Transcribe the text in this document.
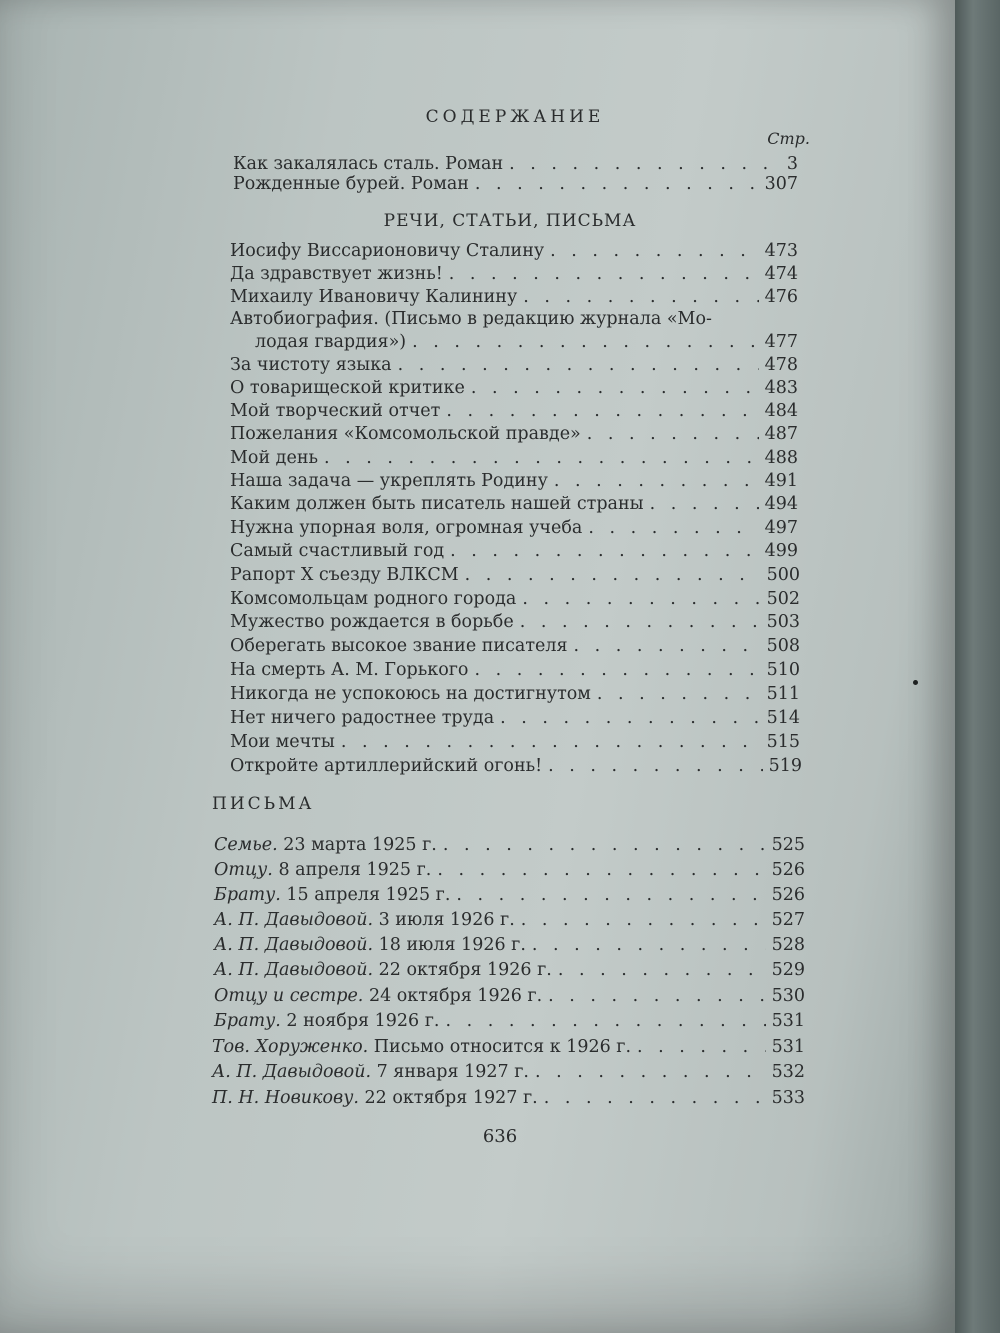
СОДЕРЖАНИЕ
Стр.
Как закалялась сталь. Роман . . .	3
Рожденные бурей. Роман . . .	307
РЕЧИ, СТАТЬИ, ПИСЬМА
Иосифу Виссарионовичу Сталину . . .	473
Да здравствует жизнь! . . .	474
Михаилу Ивановичу Калинину . . .	476
Автобиография. (Письмо в редакцию журнала «Мо-
лодая гвардия») . . .	477
За чистоту языка . . .	478
О товарищеской критике . . .	483
Мой творческий отчет . . .	484
Пожелания «Комсомольской правде» . . .	487
Мой день . . .	488
Наша задача — укреплять Родину . . .	491
Каким должен быть писатель нашей страны . . .	494
Нужна упорная воля, огромная учеба . . .	497
Самый счастливый год . . .	499
Рапорт X съезду ВЛКСМ . . .	500
Комсомольцам родного города . . .	502
Мужество рождается в борьбе . . .	503
Оберегать высокое звание писателя . . .	508
На смерть А. М. Горького . . .	510
Никогда не успокоюсь на достигнутом . . .	511
Нет ничего радостнее труда . . .	514
Мои мечты . . .	515
Откройте артиллерийский огонь! . . .	519
ПИСЬМА
Семье. 23 марта 1925 г. . . .	525
Отцу. 8 апреля 1925 г. . . .	526
Брату. 15 апреля 1925 г. . . .	526
А. П. Давыдовой. 3 июля 1926 г. . . .	527
А. П. Давыдовой. 18 июля 1926 г. . . .	528
А. П. Давыдовой. 22 октября 1926 г. . . .	529
Отцу и сестре. 24 октября 1926 г. . . .	530
Брату. 2 ноября 1926 г. . . .	531
Тов. Хоруженко. Письмо относится к 1926 г. . . .	531
А. П. Давыдовой. 7 января 1927 г. . . .	532
П. Н. Новикову. 22 октября 1927 г. . . .	533
636
